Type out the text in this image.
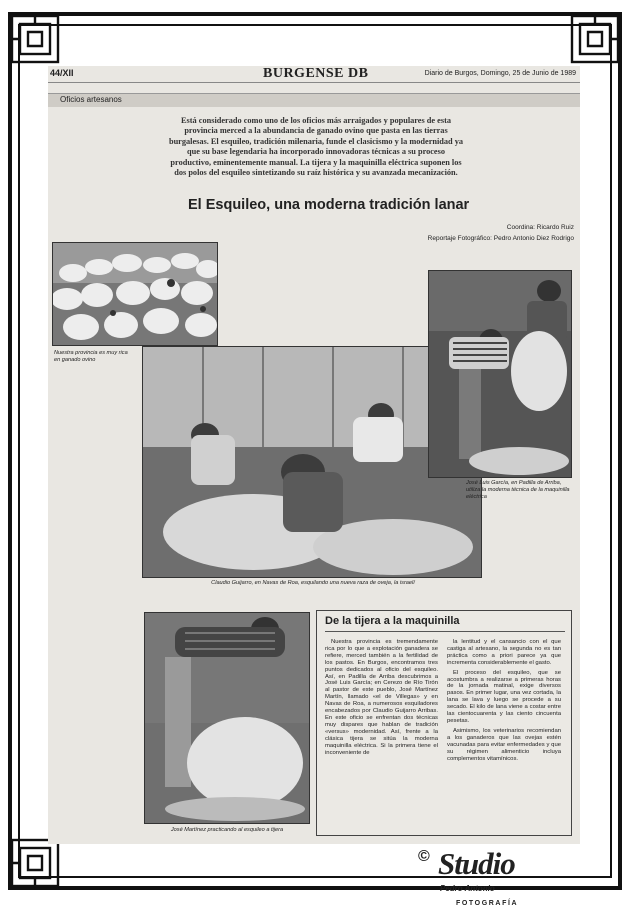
44/XII	BURGENSE DB	Diario de Burgos, Domingo, 25 de Junio de 1989
Oficios artesanos
Está considerado como uno de los oficios más arraigados y populares de esta provincia merced a la abundancia de ganado ovino que pasta en las tierras burgalesas. El esquileo, tradición milenaria, funde el clasicismo y la modernidad ya que su base legendaria ha incorporado innovadoras técnicas a su proceso productivo, eminentemente manual. La tijera y la maquinilla eléctrica suponen los dos polos del esquileo sintetizando su raíz histórica y su avanzada mecanización.
El Esquileo, una moderna tradición lanar
Coordina: Ricardo Ruiz
Reportaje Fotográfico: Pedro Antonio Diez Rodrigo
Nuestra provincia es muy rica en ganado ovino
Claudio Guijarro, en Navas de Roa, esquilando una nueva raza de oveja, la israelí
José Luis García, en Padilla de Arriba, utiliza la moderna técnica de la maquinilla eléctrica
José Martínez practicando al esquileo a tijera
De la tijera a la maquinilla

Nuestra provincia es tremendamente rica por lo que a explotación ganadera se refiere, merced también a la fertilidad de los pastos. En Burgos, encontramos tres puntos dedicados al oficio del esquileo. Así, en Padilla de Arriba descubrimos a José Luis García; en Cerezo de Río Tirón al pastor de este pueblo, José Martínez Martín, llamado «el de Villegas» y en Navas de Roa, a numerosos esquiladores encabezados por Claudio Guijarro Arribas. En este oficio se enfrentan dos técnicas muy dispares que hablan de tradición «versus» modernidad. Así, frente a la clásica tijera se sitúa la moderna maquinilla eléctrica. Si la primera tiene el inconveniente de

la lentitud y el cansancio con el que castiga al artesano, la segunda no es tan práctica como a priori parece ya que incrementa considerablemente el gasto.

El proceso del esquileo, que se acostumbra a realizarse a primeras horas de la jornada matinal, exige diversos pasos. En primer lugar, una vez cortada, la lana se lava y luego se procede a su secado. El kilo de lana viene a costar entre las cientocuarenta y las ciento cincuenta pesetas.

Asimismo, los veterinarios recomiendan a los ganaderos que las ovejas estén vacunadas para evitar enfermedades y que su régimen alimenticio incluya complementos vitamínicos.

© Studio
Pedro Antonio
FOTOGRAFÍA
